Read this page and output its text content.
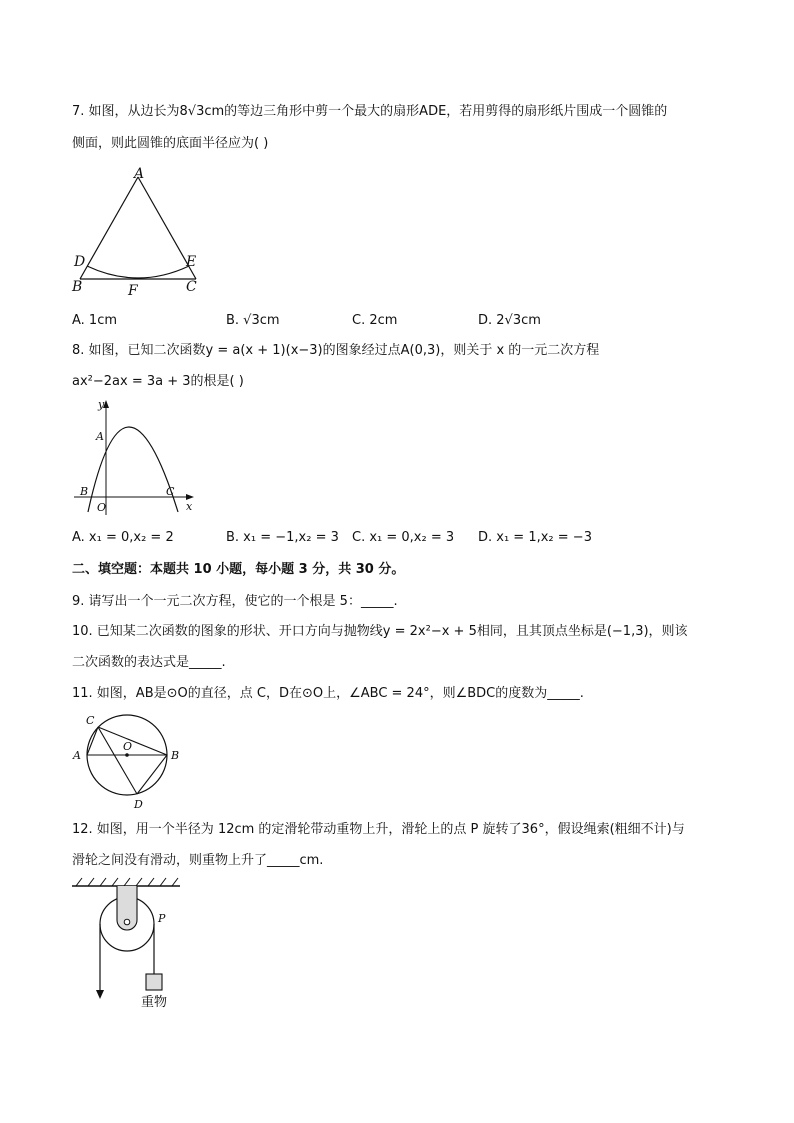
7. 如图，从边长为8√3cm的等边三角形中剪一个最大的扇形ADE，若用剪得的扇形纸片围成一个圆锥的
侧面，则此圆锥的底面半径应为( )
A
D	E
B	F	C
A. 1cm	B. √3cm	C. 2cm	D. 2√3cm
8. 如图，已知二次函数y = a(x + 1)(x−3)的图象经过点A(0,3)，则关于 x 的一元二次方程
ax²−2ax = 3a + 3的根是( )
y
A
B	C
O	x
A. x₁ = 0,x₂ = 2	B. x₁ = −1,x₂ = 3 C. x₁ = 0,x₂ = 3 D. x₁ = 1,x₂ = −3
二、填空题：本题共 10 小题，每小题 3 分，共 30 分。
9. 请写出一个一元二次方程，使它的一个根是 5：_____.
10. 已知某二次函数的图象的形状、开口方向与抛物线y = 2x²−x + 5相同，且其顶点坐标是(−1,3)，则该
二次函数的表达式是_____.
11. 如图，AB是⊙O的直径，点 C，D在⊙O上，∠ABC = 24°，则∠BDC的度数为_____.
C
A
O
B
D
12. 如图，用一个半径为 12cm 的定滑轮带动重物上升，滑轮上的点 P 旋转了36°，假设绳索(粗细不计)与
滑轮之间没有滑动，则重物上升了_____cm.
P
重物
